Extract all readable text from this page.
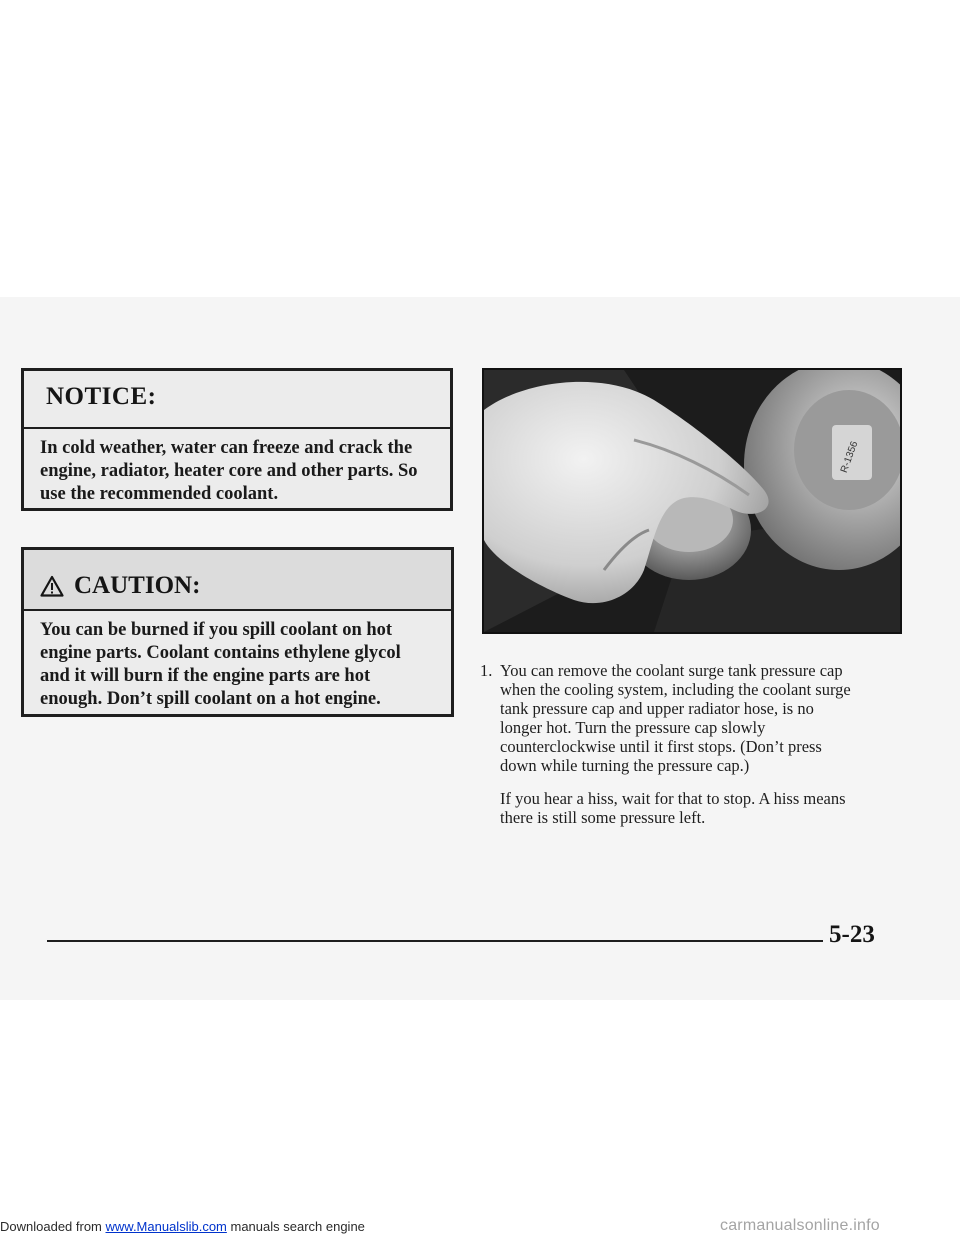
NOTICE:
In cold weather, water can freeze and crack the
engine, radiator, heater core and other parts. So
use the recommended coolant.
CAUTION:
You can be burned if you spill coolant on hot
engine parts. Coolant contains ethylene glycol
and it will burn if the engine parts are hot
enough. Don’t spill coolant on a hot engine.
R-1356
1. You can remove the coolant surge tank pressure cap
when the cooling system, including the coolant surge
tank pressure cap and upper radiator hose, is no
longer hot. Turn the pressure cap slowly
counterclockwise until it first stops. (Don’t press
down while turning the pressure cap.)
If you hear a hiss, wait for that to stop. A hiss means
there is still some pressure left.
5-23
Downloaded from www.Manualslib.com manuals search engine	carmanualsonline.info
